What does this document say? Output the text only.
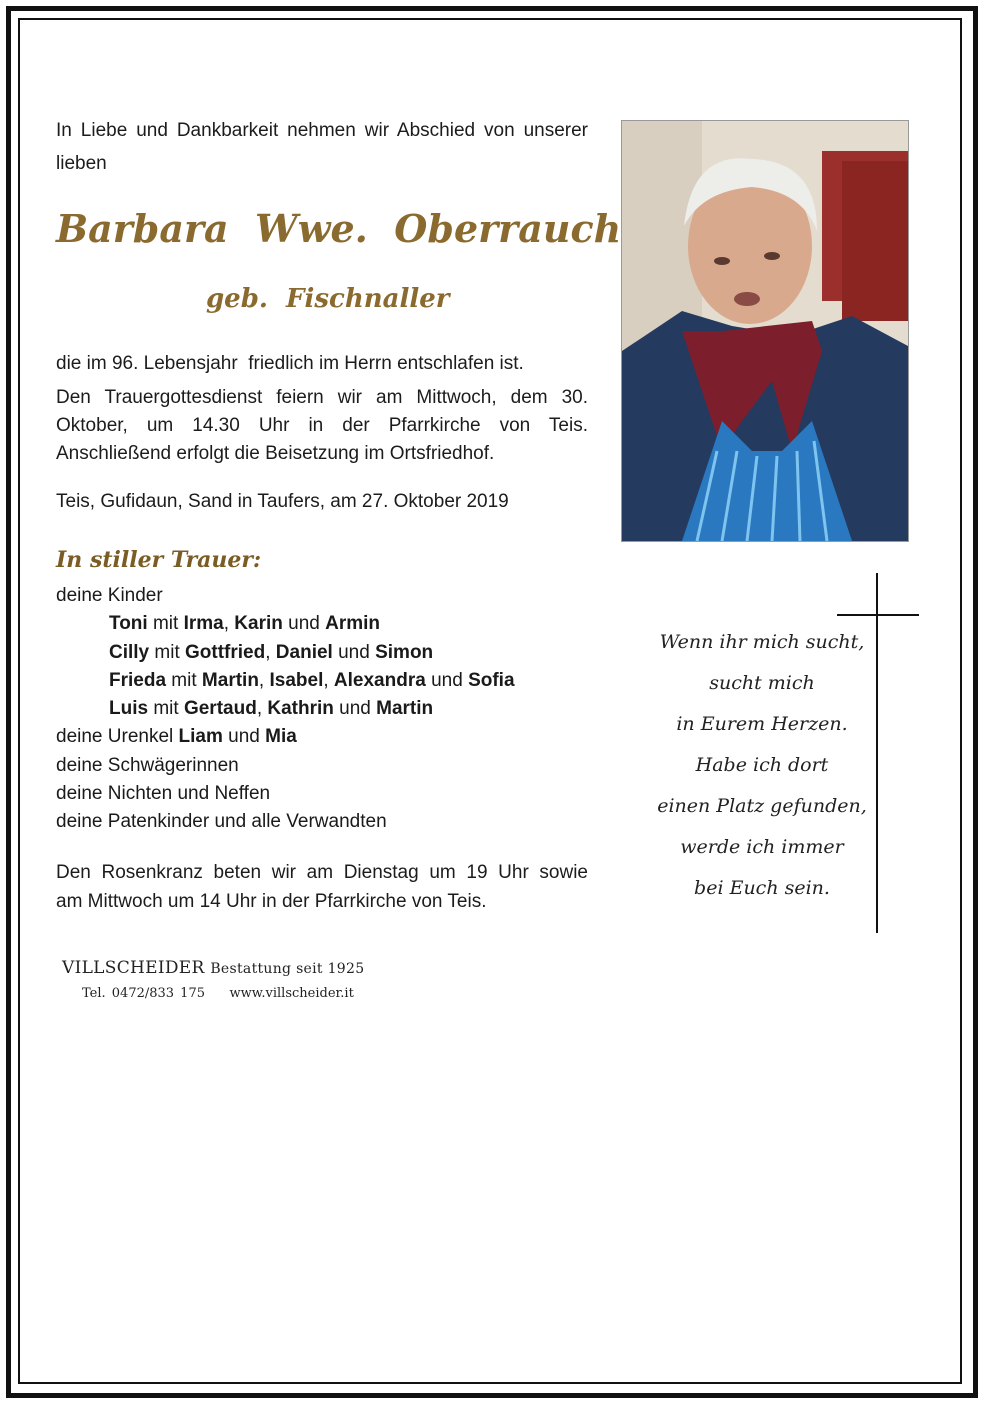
In Liebe und Dankbarkeit nehmen wir Abschied von unserer
lieben
Barbara  Wwe.  Oberrauch
geb.  Fischnaller
die im 96. Lebensjahr  friedlich im Herrn entschlafen ist.
Den Trauergottesdienst feiern wir am Mittwoch, dem 30.
Oktober, um 14.30 Uhr in der Pfarrkirche von Teis.
Anschließend erfolgt die Beisetzung im Ortsfriedhof.
Teis, Gufidaun, Sand in Taufers, am 27. Oktober 2019
In stiller Trauer:
deine Kinder
Toni mit Irma, Karin und Armin
Cilly mit Gottfried, Daniel und Simon
Frieda mit Martin, Isabel, Alexandra und Sofia
Luis mit Gertaud, Kathrin und Martin
deine Urenkel Liam und Mia
deine Schwägerinnen
deine Nichten und Neffen
deine Patenkinder und alle Verwandten
Den Rosenkranz beten wir am Dienstag um 19 Uhr sowie
am Mittwoch um 14 Uhr in der Pfarrkirche von Teis.
Wenn ihr mich sucht,
sucht mich
in Eurem Herzen.
Habe ich dort
einen Platz gefunden,
werde ich immer
bei Euch sein.
VILLSCHEIDER Bestattung seit 1925
Tel. 0472/833 175 www.villscheider.it
